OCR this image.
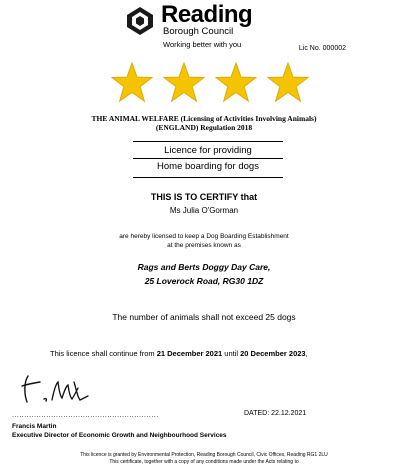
Reading
Borough Council
Working better with you	Lic No. 000002
THE ANIMAL WELFARE (Licensing of Activities Involving Animals)
(ENGLAND) Regulation 2018
Licence for providing
Home boarding for dogs
THIS IS TO CERTIFY that
Ms Julia O'Gorman
are hereby licensed to keep a Dog Boarding Establishment
at the premises known as
Rags and Berts Doggy Day Care,
25 Loverock Road, RG30 1DZ
The number of animals shall not exceed 25 dogs
This licence shall continue from 21 December 2021 until 20 December 2023,
............................................................	DATED: 22.12.2021
Francis Martin
Executive Director of Economic Growth and Neighbourhood Services
This licence is granted by Environmental Protection, Reading Borough Council, Civic Offices, Reading RG1 2LU
This certificate, together with a copy of any conditions made under the Acts relating to
